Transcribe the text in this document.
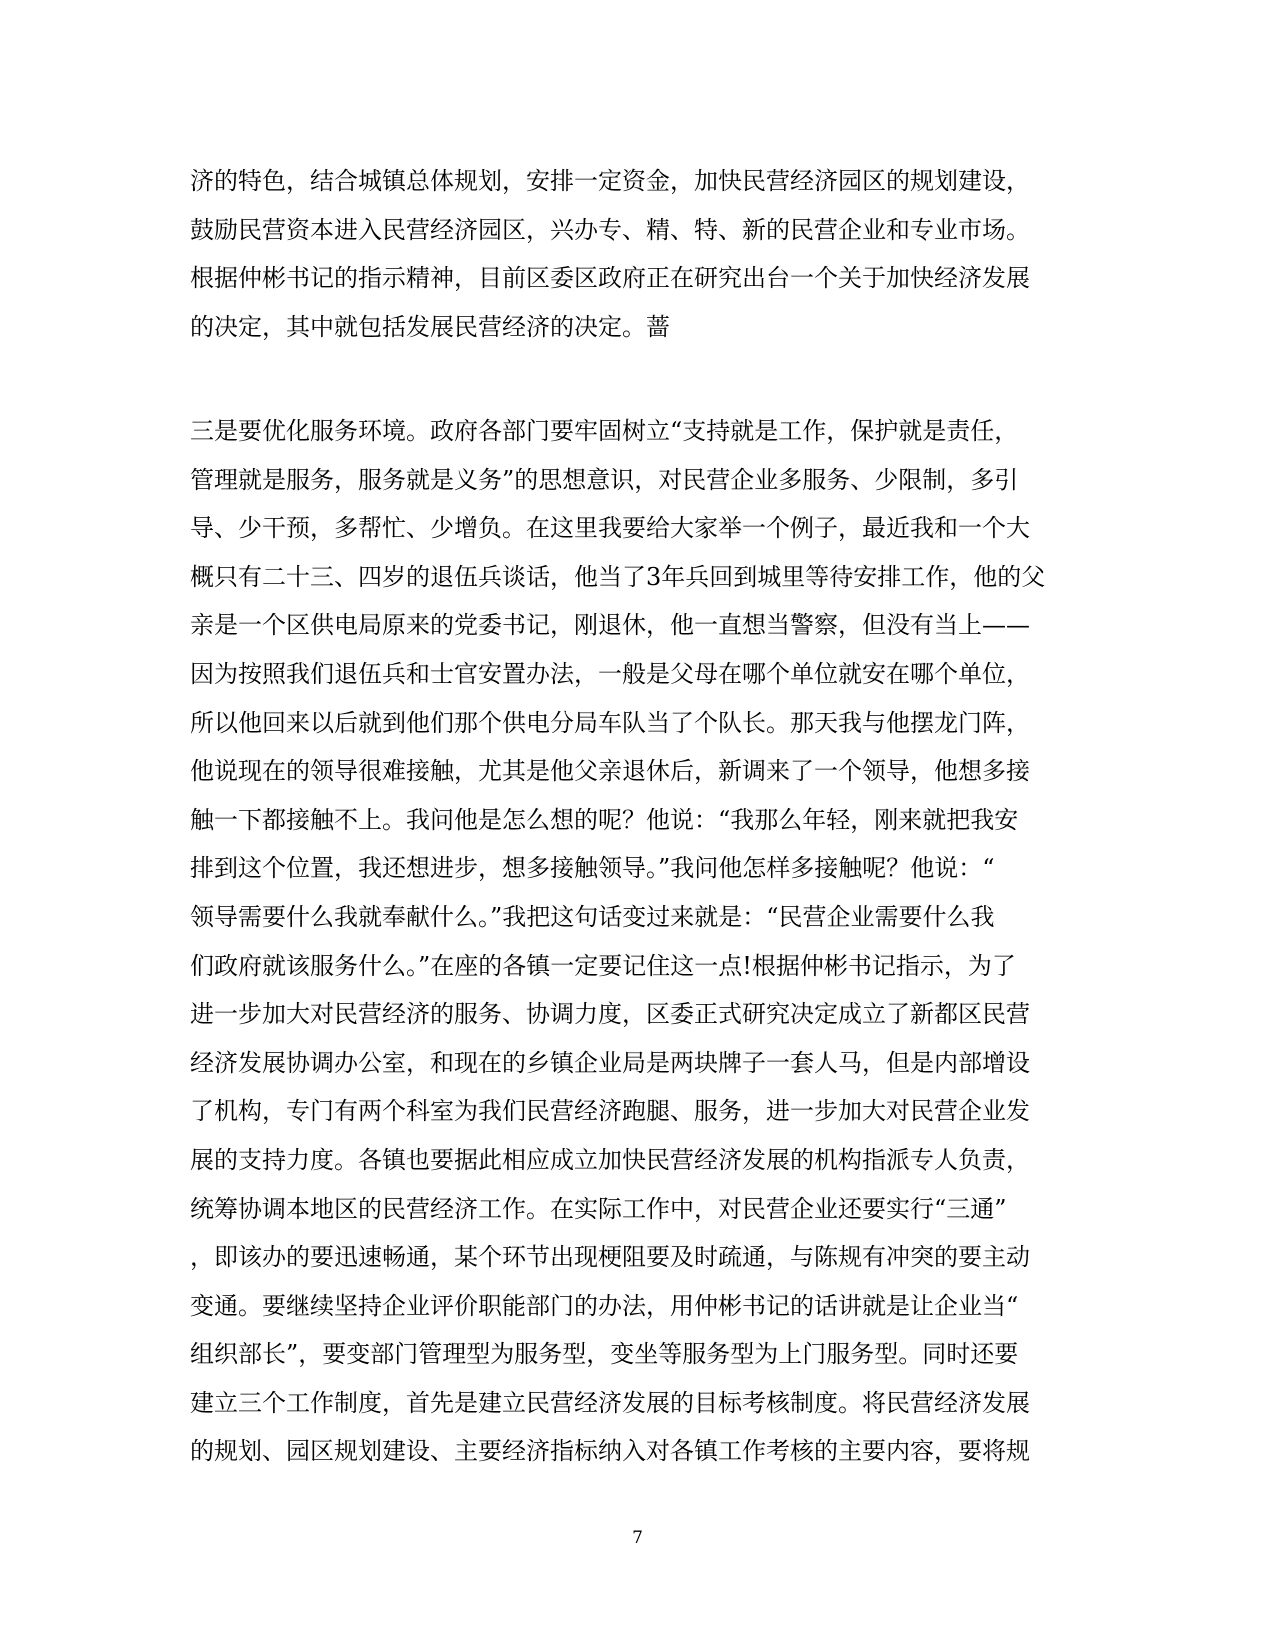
济的特色，结合城镇总体规划，安排一定资金，加快民营经济园区的规划建设，
鼓励民营资本进入民营经济园区，兴办专、精、特、新的民营企业和专业市场。
根据仲彬书记的指示精神，目前区委区政府正在研究出台一个关于加快经济发展
的决定，其中就包括发展民营经济的决定。蔷
三是要优化服务环境。政府各部门要牢固树立“支持就是工作，保护就是责任，
管理就是服务，服务就是义务”的思想意识，对民营企业多服务、少限制，多引
导、少干预，多帮忙、少增负。在这里我要给大家举一个例子，最近我和一个大
概只有二十三、四岁的退伍兵谈话，他当了3年兵回到城里等待安排工作，他的父
亲是一个区供电局原来的党委书记，刚退休，他一直想当警察，但没有当上——
因为按照我们退伍兵和士官安置办法，一般是父母在哪个单位就安在哪个单位，
所以他回来以后就到他们那个供电分局车队当了个队长。那天我与他摆龙门阵，
他说现在的领导很难接触，尤其是他父亲退休后，新调来了一个领导，他想多接
触一下都接触不上。我问他是怎么想的呢？他说：“我那么年轻，刚来就把我安
排到这个位置，我还想进步，想多接触领导。”我问他怎样多接触呢？他说：“
领导需要什么我就奉献什么。”我把这句话变过来就是：“民营企业需要什么我
们政府就该服务什么。”在座的各镇一定要记住这一点!根据仲彬书记指示，为了
进一步加大对民营经济的服务、协调力度，区委正式研究决定成立了新都区民营
经济发展协调办公室，和现在的乡镇企业局是两块牌子一套人马，但是内部增设
了机构，专门有两个科室为我们民营经济跑腿、服务，进一步加大对民营企业发
展的支持力度。各镇也要据此相应成立加快民营经济发展的机构指派专人负责，
统筹协调本地区的民营经济工作。在实际工作中，对民营企业还要实行“三通”
，即该办的要迅速畅通，某个环节出现梗阻要及时疏通，与陈规有冲突的要主动
变通。要继续坚持企业评价职能部门的办法，用仲彬书记的话讲就是让企业当“
组织部长”，要变部门管理型为服务型，变坐等服务型为上门服务型。同时还要
建立三个工作制度，首先是建立民营经济发展的目标考核制度。将民营经济发展
的规划、园区规划建设、主要经济指标纳入对各镇工作考核的主要内容，要将规
7
